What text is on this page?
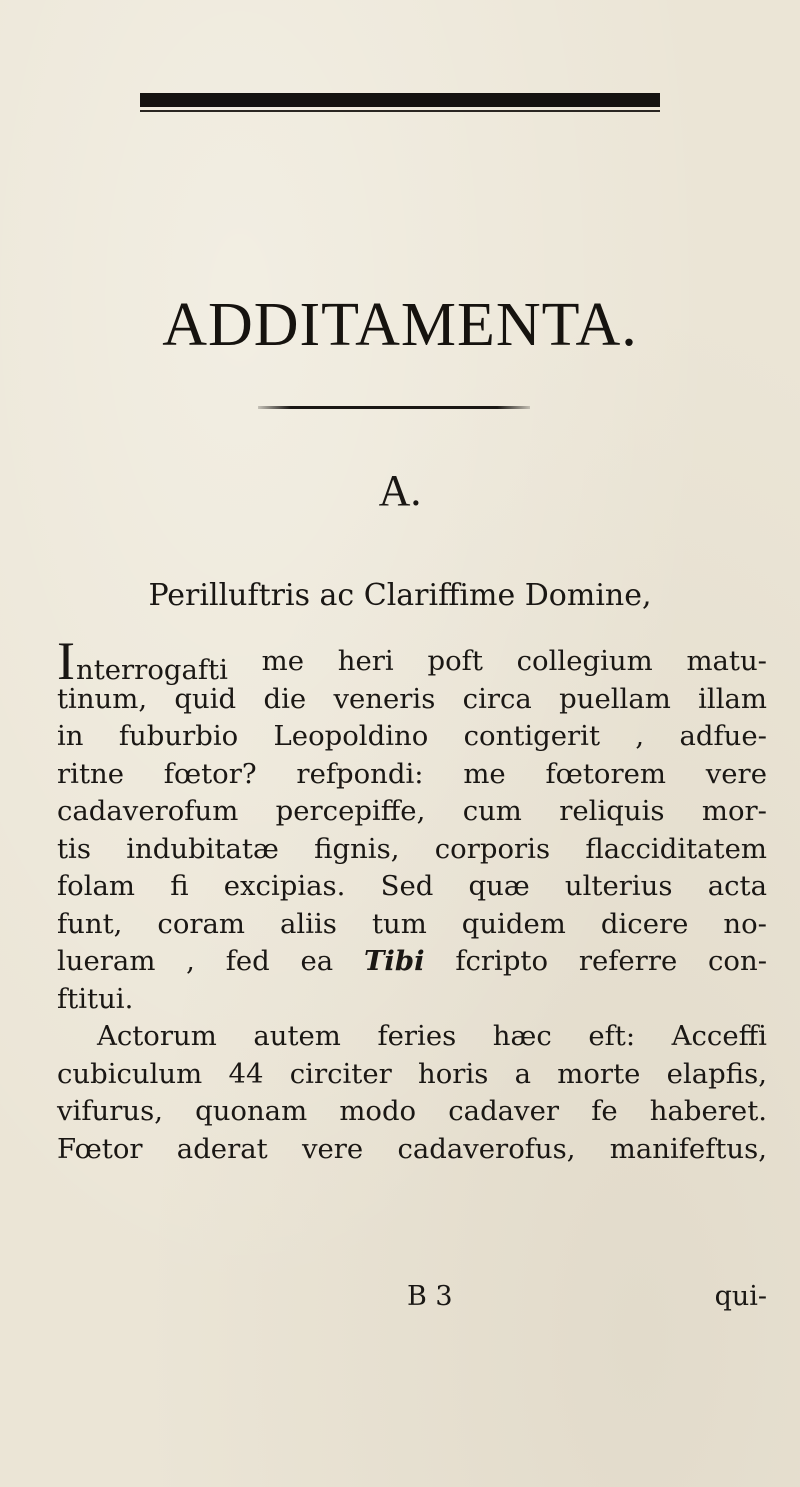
ADDITAMENTA.
A.
Perilluftris ac Clariffime Domine,
Interrogafti me heri poft collegium matu-
tinum, quid die veneris circa puellam illam
in fuburbio Leopoldino contigerit , adfue-
ritne fœtor? refpondi: me fœtorem vere
cadaverofum percepiffe, cum reliquis mor-
tis indubitatæ fignis, corporis flacciditatem
folam fi excipias. Sed quæ ulterius acta
funt, coram aliis tum quidem dicere no-
lueram , fed ea Tibi fcripto referre con-
ftitui.
Actorum autem feries hæc eft: Acceffi
cubiculum 44 circiter horis a morte elapfis,
vifurus, quonam modo cadaver fe haberet.
Fœtor aderat vere cadaverofus, manifeftus,
B 3	qui-
